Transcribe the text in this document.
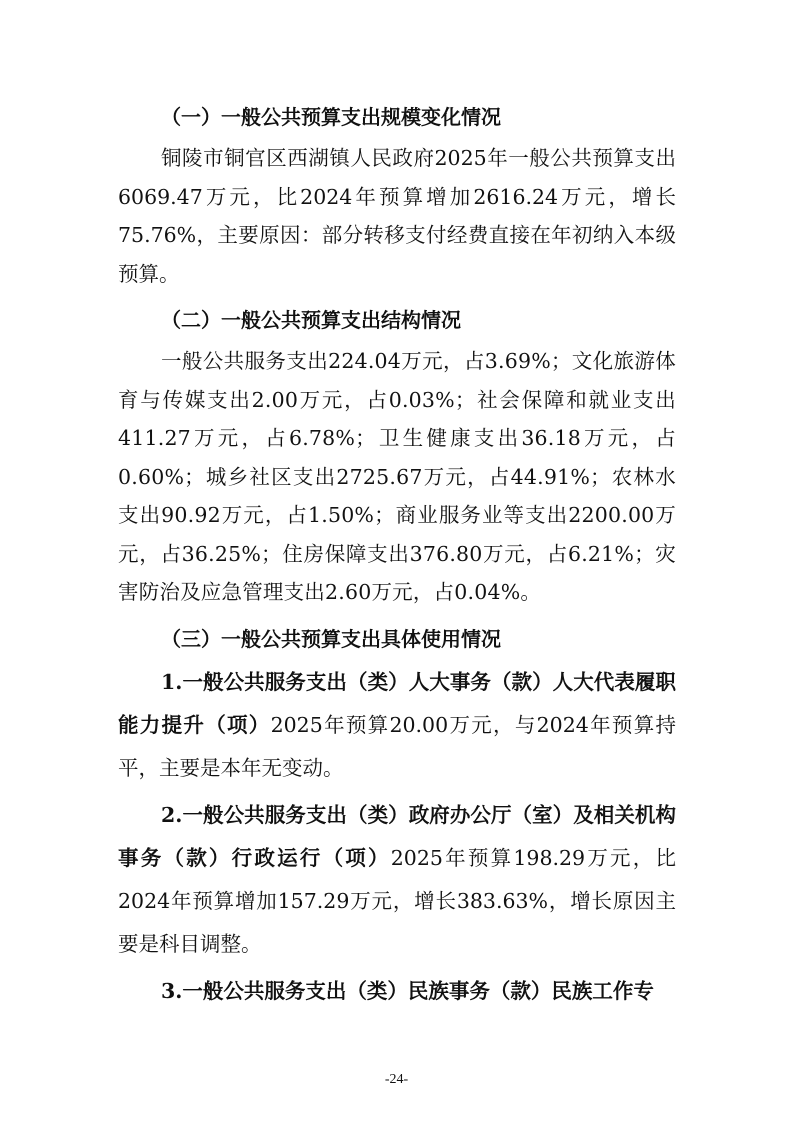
（一）一般公共预算支出规模变化情况

铜陵市铜官区西湖镇人民政府2025年一般公共预算支出6069.47万元，比2024年预算增加2616.24万元，增长75.76%，主要原因：部分转移支付经费直接在年初纳入本级预算。

（二）一般公共预算支出结构情况

一般公共服务支出224.04万元，占3.69%；文化旅游体育与传媒支出2.00万元，占0.03%；社会保障和就业支出411.27万元，占6.78%；卫生健康支出36.18万元，占0.60%；城乡社区支出2725.67万元，占44.91%；农林水支出90.92万元，占1.50%；商业服务业等支出2200.00万元，占36.25%；住房保障支出376.80万元，占6.21%；灾害防治及应急管理支出2.60万元，占0.04%。

（三）一般公共预算支出具体使用情况

1.一般公共服务支出（类）人大事务（款）人大代表履职能力提升（项）2025年预算20.00万元，与2024年预算持平，主要是本年无变动。

2.一般公共服务支出（类）政府办公厅（室）及相关机构事务（款）行政运行（项）2025年预算198.29万元，比2024年预算增加157.29万元，增长383.63%，增长原因主要是科目调整。

3.一般公共服务支出（类）民族事务（款）民族工作专

-24-
